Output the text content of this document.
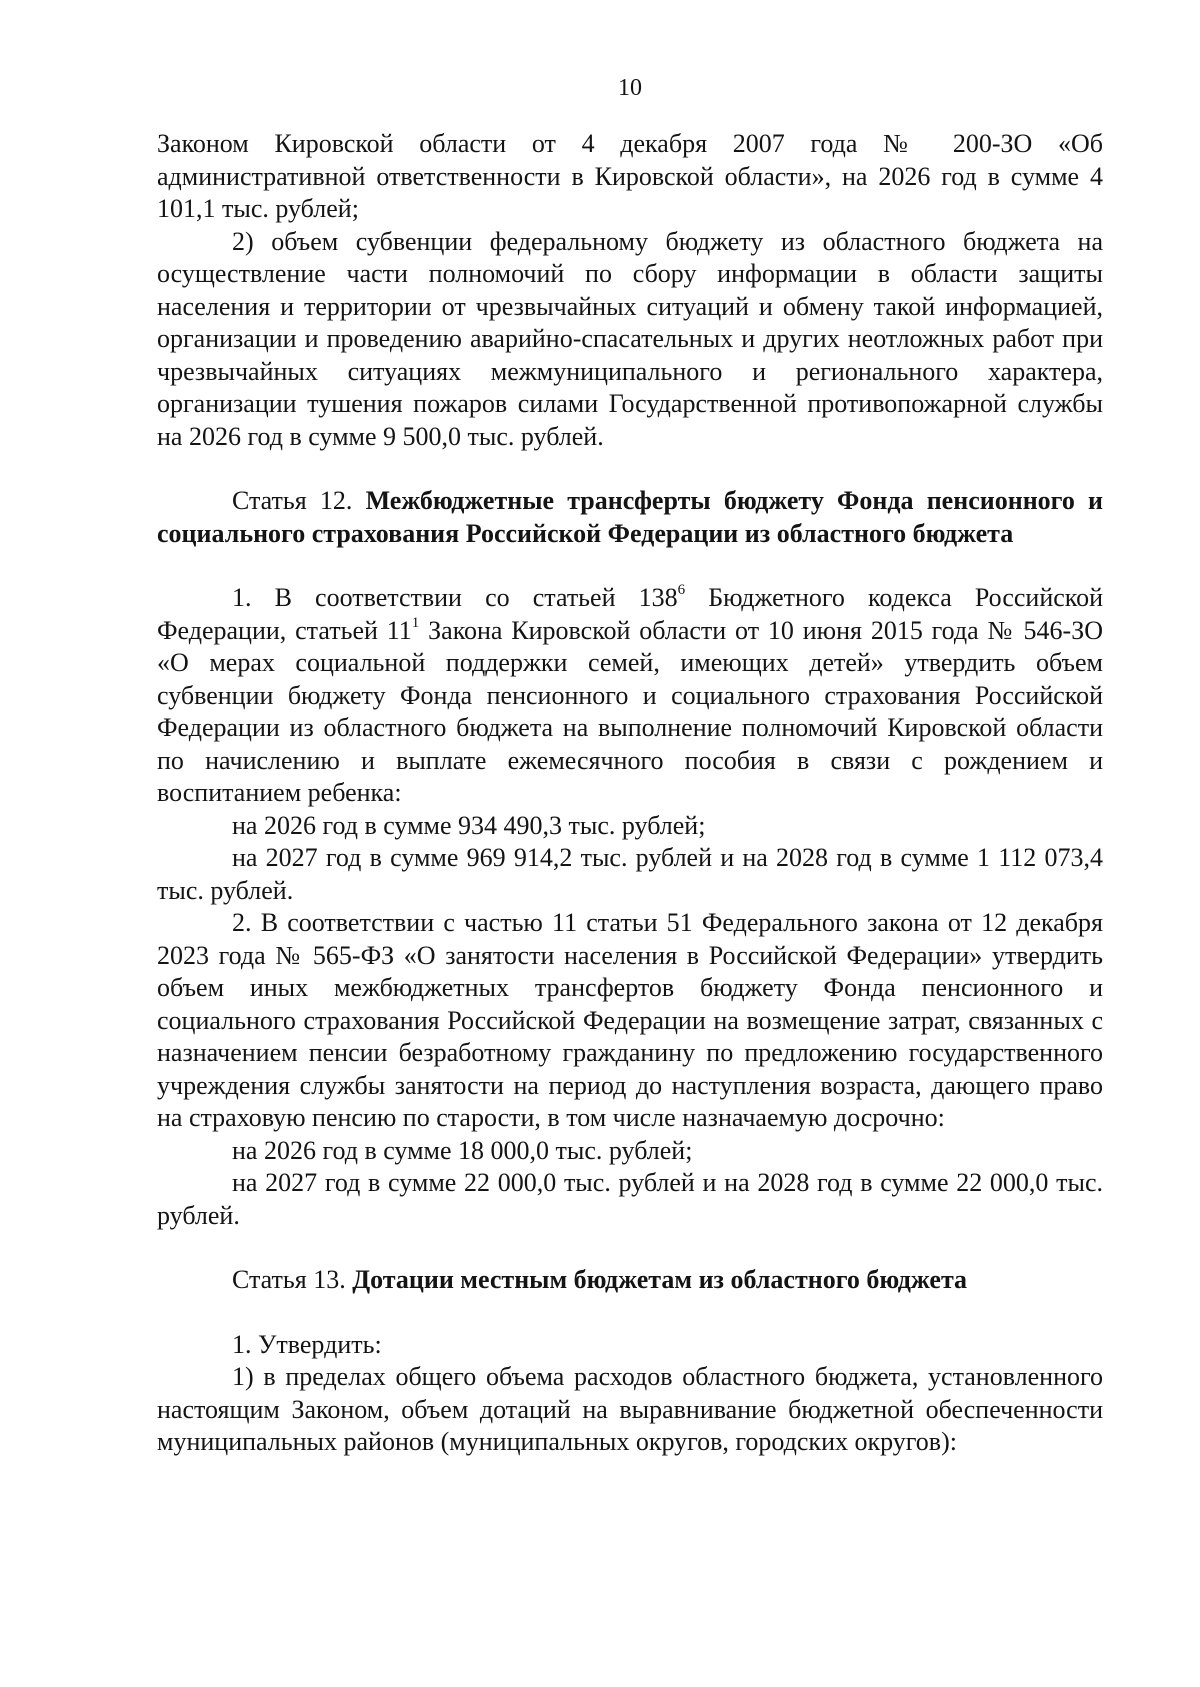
10

Законом Кировской области от 4 декабря 2007 года № 200-ЗО «Об административной ответственности в Кировской области», на 2026 год в сумме 4 101,1 тыс. рублей;

2) объем субвенции федеральному бюджету из областного бюджета на осуществление части полномочий по сбору информации в области защиты населения и территории от чрезвычайных ситуаций и обмену такой информацией, организации и проведению аварийно-спасательных и других неотложных работ при чрезвычайных ситуациях межмуниципального и регионального характера, организации тушения пожаров силами Государственной противопожарной службы на 2026 год в сумме 9 500,0 тыс. рублей.

Статья 12. Межбюджетные трансферты бюджету Фонда пенсионного и социального страхования Российской Федерации из областного бюджета

1. В соответствии со статьей $138^6$ Бюджетного кодекса Российской Федерации, статьей $11^1$ Закона Кировской области от 10 июня 2015 года № 546-ЗО «О мерах социальной поддержки семей, имеющих детей» утвердить объем субвенции бюджету Фонда пенсионного и социального страхования Российской Федерации из областного бюджета на выполнение полномочий Кировской области по начислению и выплате ежемесячного пособия в связи с рождением и воспитанием ребенка:

на 2026 год в сумме 934 490,3 тыс. рублей;

на 2027 год в сумме 969 914,2 тыс. рублей и на 2028 год в сумме 1 112 073,4 тыс. рублей.

2. В соответствии с частью 11 статьи 51 Федерального закона от 12 декабря 2023 года № 565-ФЗ «О занятости населения в Российской Федерации» утвердить объем иных межбюджетных трансфертов бюджету Фонда пенсионного и социального страхования Российской Федерации на возмещение затрат, связанных с назначением пенсии безработному гражданину по предложению государственного учреждения службы занятости на период до наступления возраста, дающего право на страховую пенсию по старости, в том числе назначаемую досрочно:

на 2026 год в сумме 18 000,0 тыс. рублей;

на 2027 год в сумме 22 000,0 тыс. рублей и на 2028 год в сумме 22 000,0 тыс. рублей.

Статья 13. Дотации местным бюджетам из областного бюджета

1. Утвердить:

1) в пределах общего объема расходов областного бюджета, установленного настоящим Законом, объем дотаций на выравнивание бюджетной обеспеченности муниципальных районов (муниципальных округов, городских округов):
